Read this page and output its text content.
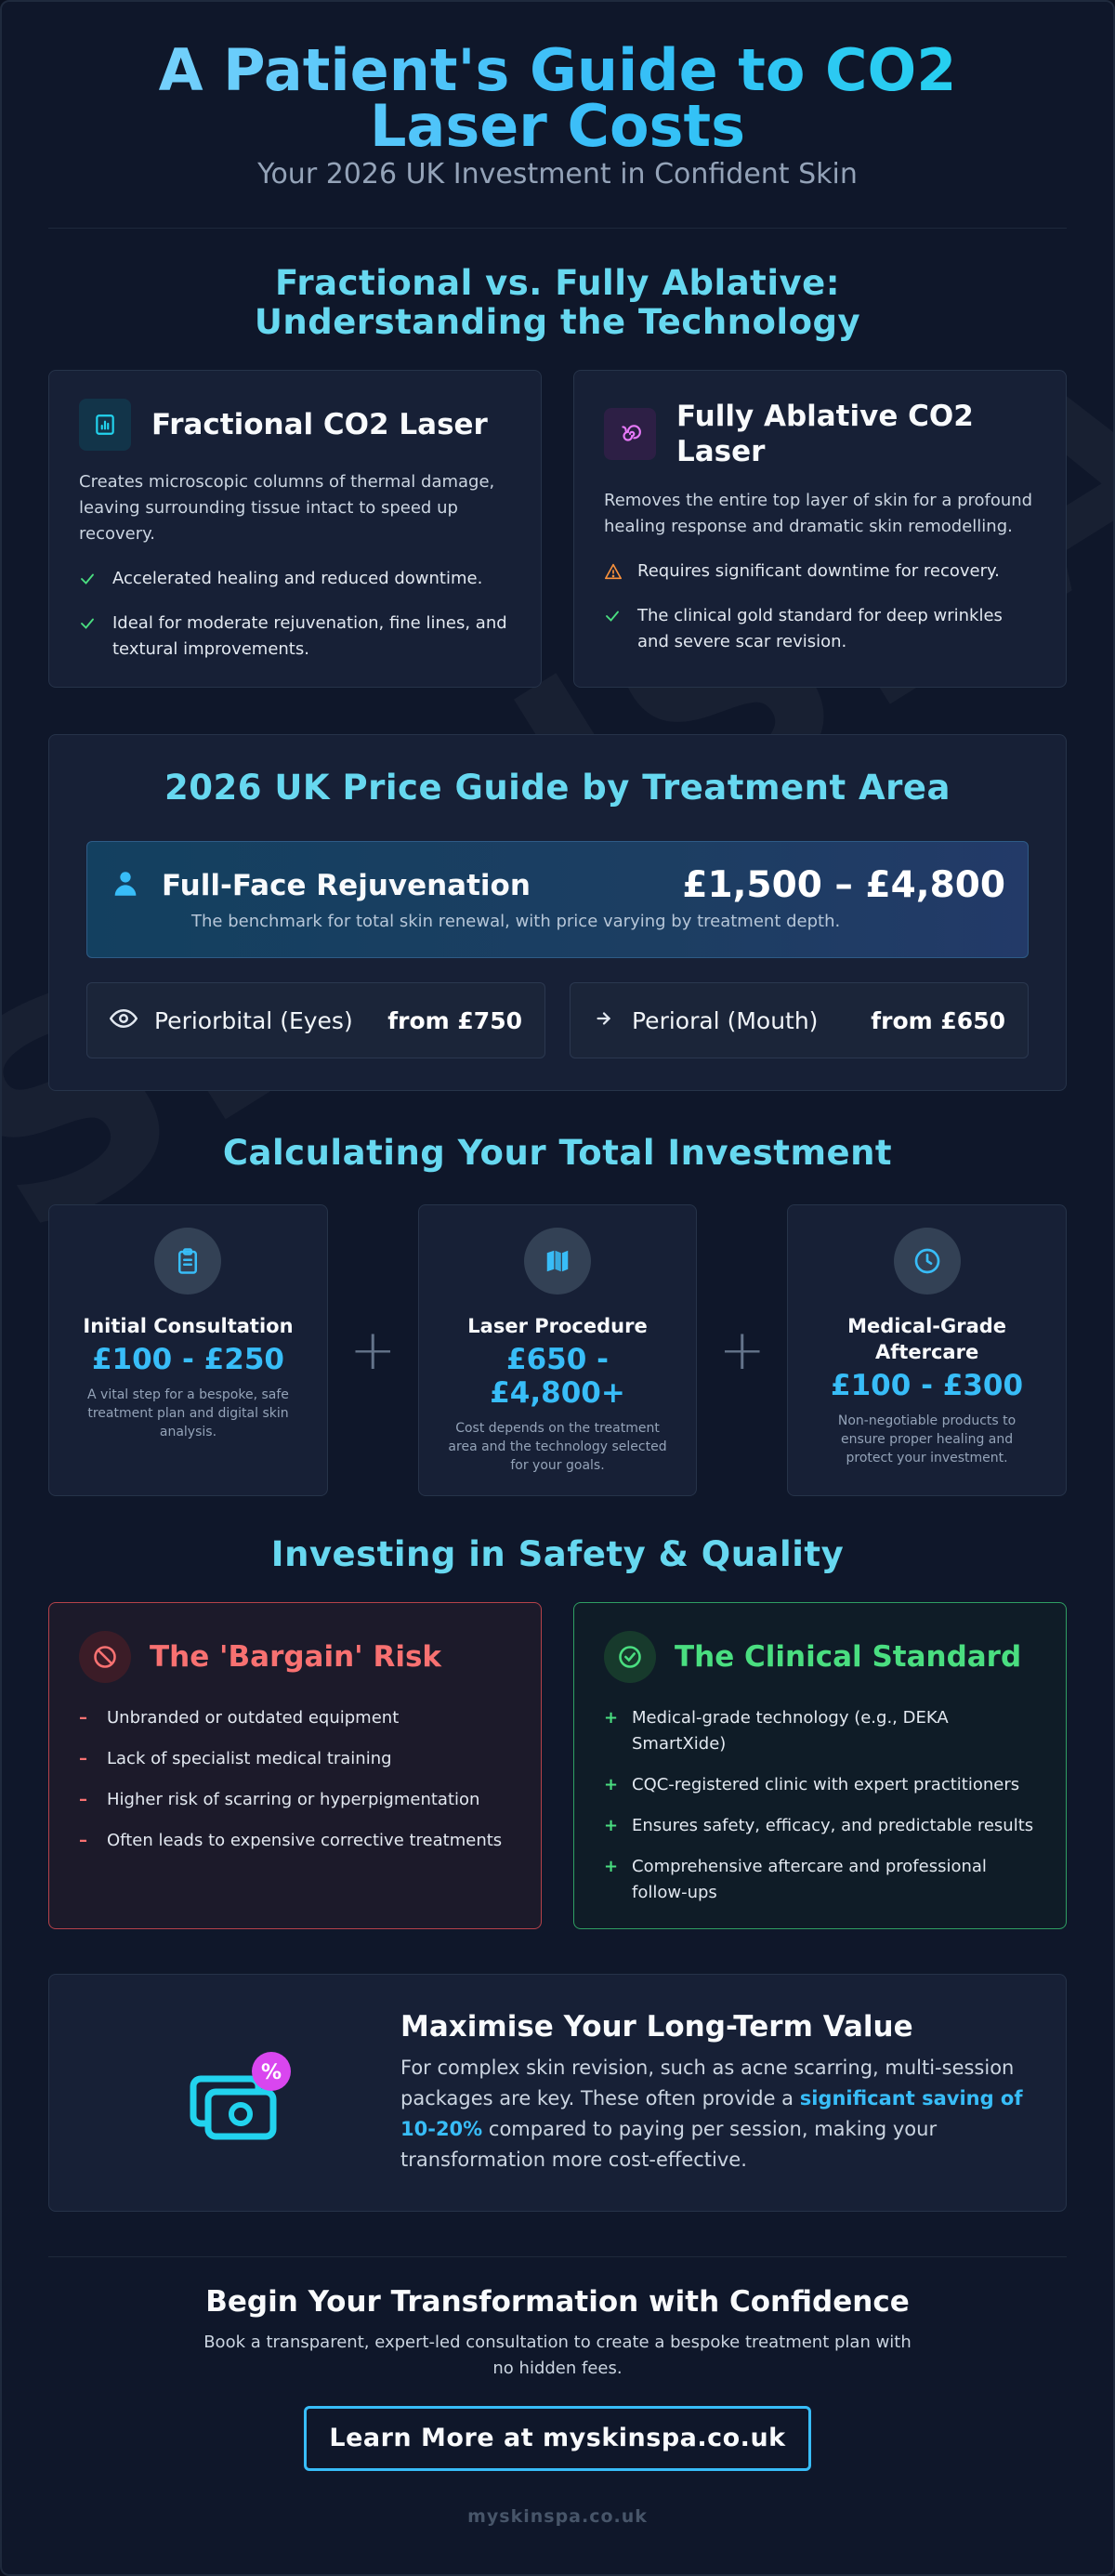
A Patient's Guide to CO2 Laser Costs
Your 2026 UK Investment in Confident Skin
Fractional vs. Fully Ablative: Understanding the Technology
Fractional CO2 Laser

Creates microscopic columns of thermal damage, leaving surrounding tissue intact to speed up recovery.

Accelerated healing and reduced downtime.
Ideal for moderate rejuvenation, fine lines, and textural improvements.
Fully Ablative CO2 Laser

Removes the entire top layer of skin for a profound healing response and dramatic skin remodelling.

Requires significant downtime for recovery.
The clinical gold standard for deep wrinkles and severe scar revision.
2026 UK Price Guide by Treatment Area
Full-Face Rejuvenation	£1,500 – £4,800
The benchmark for total skin renewal, with price varying by treatment depth.
Periorbital (Eyes) from £750	Perioral (Mouth) from £650
Calculating Your Total Investment
Initial Consultation
£100 - £250
A vital step for a bespoke, safe treatment plan and digital skin analysis.
+	Laser Procedure
£650 - £4,800+
Cost depends on the treatment area and the technology selected for your goals.
+	Medical-Grade Aftercare
£100 - £300
Non-negotiable products to ensure proper healing and protect your investment.
Investing in Safety & Quality
The 'Bargain' Risk
–	Unbranded or outdated equipment
–	Lack of specialist medical training
–	Higher risk of scarring or hyperpigmentation
–	Often leads to expensive corrective treatments
The Clinical Standard
+ Medical-grade technology (e.g., DEKA SmartXide)
+ CQC-registered clinic with expert practitioners
+ Ensures safety, efficacy, and predictable results
+ Comprehensive aftercare and professional follow-ups
%
Maximise Your Long-Term Value

For complex skin revision, such as acne scarring, multi-session packages are key. These often provide a significant saving of 10-20% compared to paying per session, making your transformation more cost-effective.

Begin Your Transformation with Confidence

Book a transparent, expert-led consultation to create a bespoke treatment plan with no hidden fees.

Learn More at myskinspa.co.uk
myskinspa.co.uk
